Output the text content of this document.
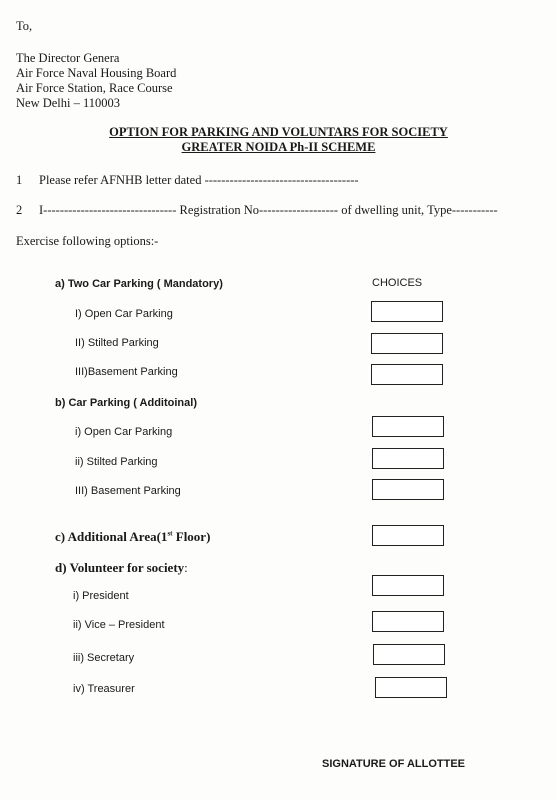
To,
The Director Genera
Air Force Naval Housing Board
Air Force Station, Race Course
New Delhi – 110003
OPTION FOR PARKING AND VOLUNTARS FOR SOCIETY
GREATER NOIDA Ph-II SCHEME
1 Please refer AFNHB letter dated -------------------------------------
2 I-------------------------------- Registration No------------------- of dwelling unit, Type-----------
Exercise following options:-
CHOICES
a) Two Car Parking ( Mandatory)
I) Open Car Parking
II) Stilted Parking
III)Basement Parking
b) Car Parking ( Additoinal)
i) Open Car Parking
ii) Stilted Parking
III) Basement Parking
c) Additional Area(1st Floor)
d) Volunteer for society:
i) President
ii) Vice – President
iii) Secretary
iv) Treasurer
SIGNATURE OF ALLOTTEE
